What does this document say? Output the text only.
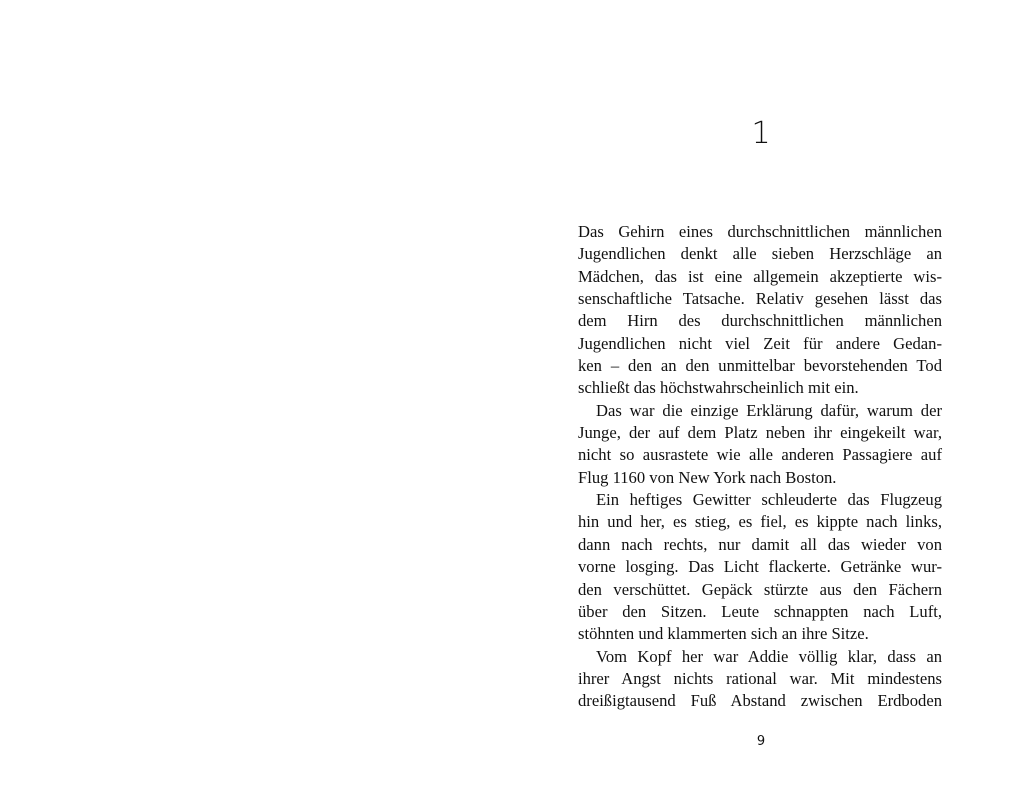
1
Das Gehirn eines durchschnittlichen männlichen
Jugendlichen denkt alle sieben Herzschläge an
Mädchen, das ist eine allgemein akzeptierte wis-
senschaftliche Tatsache. Relativ gesehen lässt das
dem Hirn des durchschnittlichen männlichen
Jugendlichen nicht viel Zeit für andere Gedan-
ken – den an den unmittelbar bevorstehenden Tod
schließt das höchstwahrscheinlich mit ein.
Das war die einzige Erklärung dafür, warum der
Junge, der auf dem Platz neben ihr eingekeilt war,
nicht so ausrastete wie alle anderen Passagiere auf
Flug 1160 von New York nach Boston.
Ein heftiges Gewitter schleuderte das Flugzeug
hin und her, es stieg, es fiel, es kippte nach links,
dann nach rechts, nur damit all das wieder von
vorne losging. Das Licht flackerte. Getränke wur-
den verschüttet. Gepäck stürzte aus den Fächern
über den Sitzen. Leute schnappten nach Luft,
stöhnten und klammerten sich an ihre Sitze.
Vom Kopf her war Addie völlig klar, dass an
ihrer Angst nichts rational war. Mit mindestens
dreißigtausend Fuß Abstand zwischen Erdboden
9
